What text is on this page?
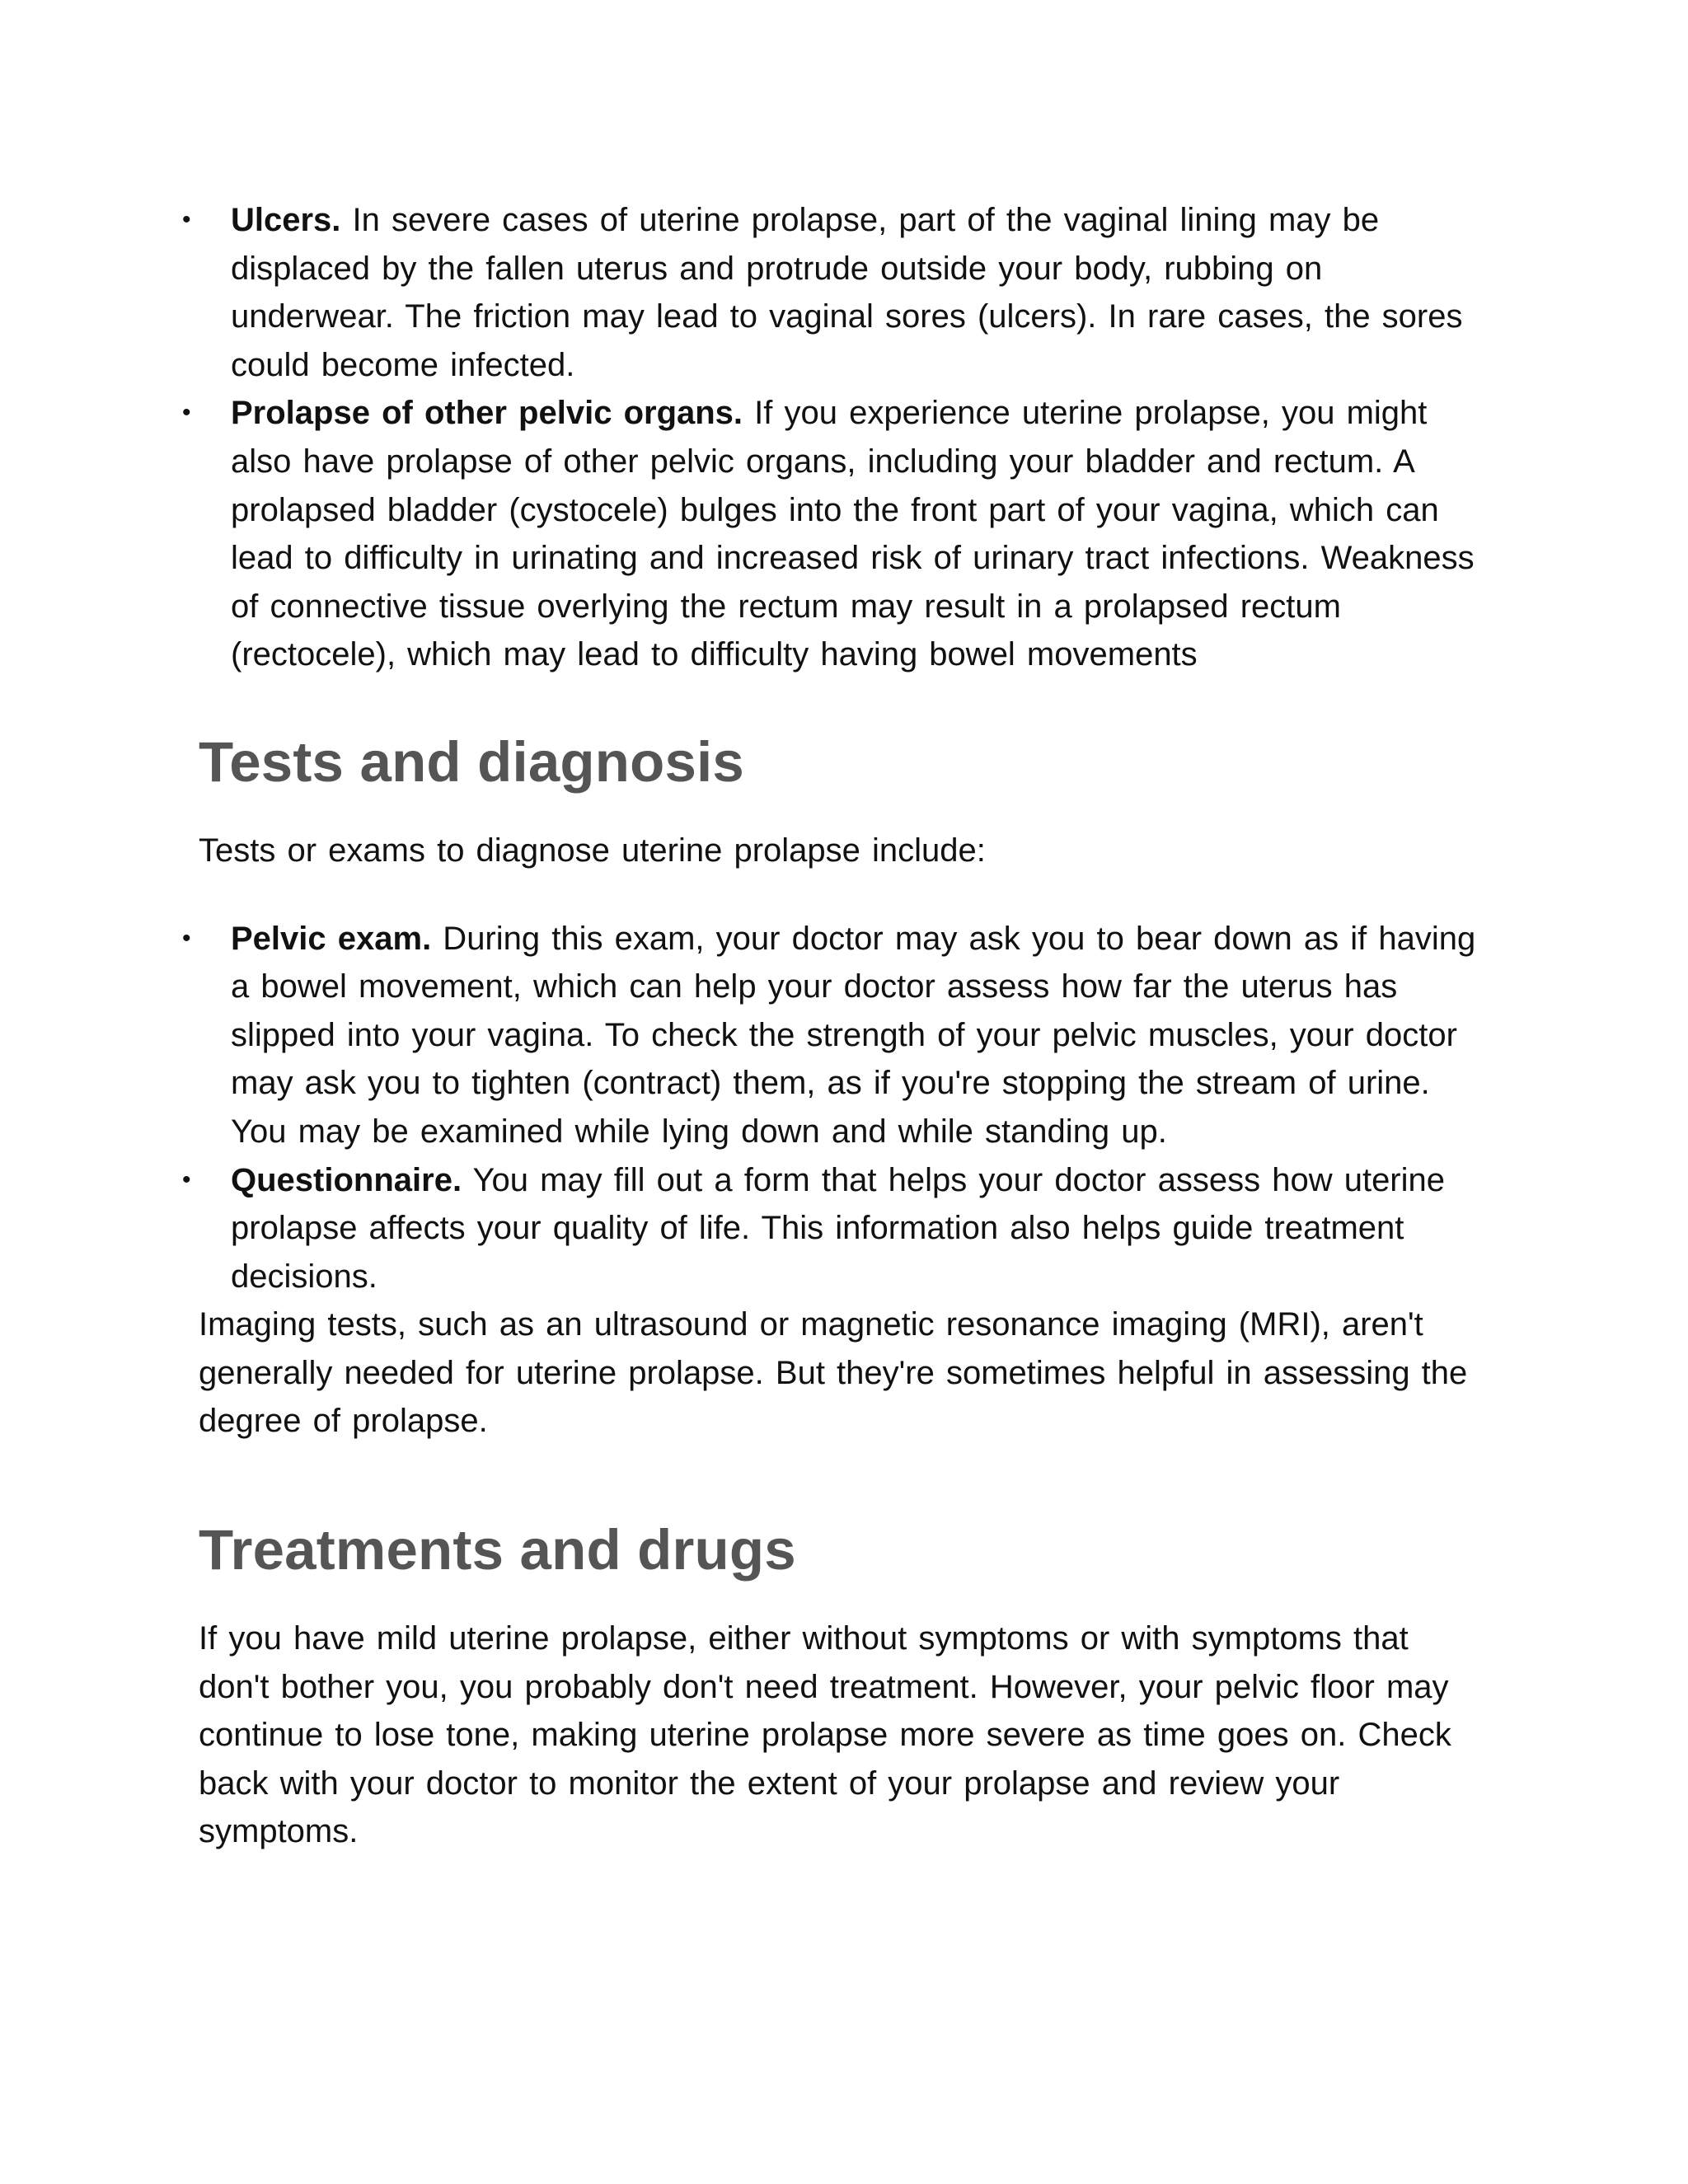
• Ulcers. In severe cases of uterine prolapse, part of the vaginal lining may be displaced by the fallen uterus and protrude outside your body, rubbing on underwear. The friction may lead to vaginal sores (ulcers). In rare cases, the sores could become infected.
• Prolapse of other pelvic organs. If you experience uterine prolapse, you might also have prolapse of other pelvic organs, including your bladder and rectum. A prolapsed bladder (cystocele) bulges into the front part of your vagina, which can lead to difficulty in urinating and increased risk of urinary tract infections. Weakness of connective tissue overlying the rectum may result in a prolapsed rectum (rectocele), which may lead to difficulty having bowel movements
Tests and diagnosis

Tests or exams to diagnose uterine prolapse include:

• Pelvic exam. During this exam, your doctor may ask you to bear down as if having a bowel movement, which can help your doctor assess how far the uterus has slipped into your vagina. To check the strength of your pelvic muscles, your doctor may ask you to tighten (contract) them, as if you're stopping the stream of urine. You may be examined while lying down and while standing up.
• Questionnaire. You may fill out a form that helps your doctor assess how uterine prolapse affects your quality of life. This information also helps guide treatment decisions.

Imaging tests, such as an ultrasound or magnetic resonance imaging (MRI), aren't generally needed for uterine prolapse. But they're sometimes helpful in assessing the degree of prolapse.

Treatments and drugs

If you have mild uterine prolapse, either without symptoms or with symptoms that don't bother you, you probably don't need treatment. However, your pelvic floor may continue to lose tone, making uterine prolapse more severe as time goes on. Check back with your doctor to monitor the extent of your prolapse and review your symptoms.
